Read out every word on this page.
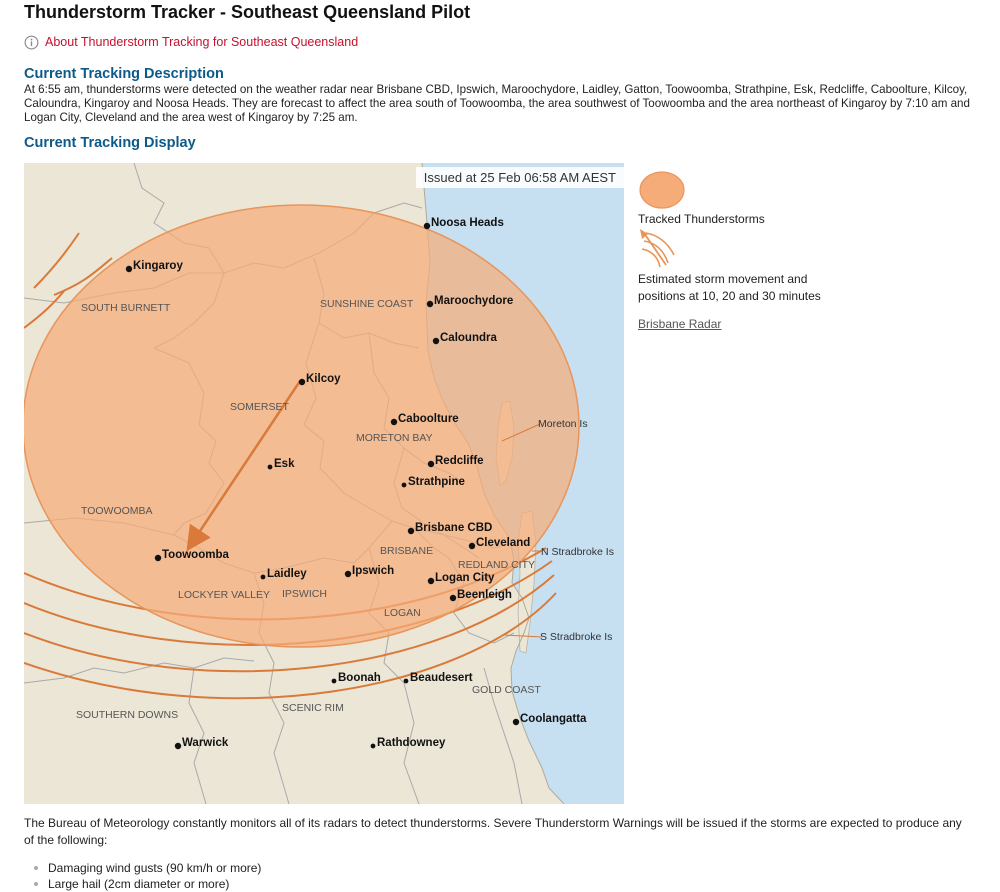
Thunderstorm Tracker - Southeast Queensland Pilot
About Thunderstorm Tracking for Southeast Queensland
Current Tracking Description

At 6:55 am, thunderstorms were detected on the weather radar near Brisbane CBD, Ipswich, Maroochydore, Laidley, Gatton, Toowoomba, Strathpine, Esk, Redcliffe, Caboolture, Kilcoy, Caloundra, Kingaroy and Noosa Heads. They are forecast to affect the area south of Toowoomba, the area southwest of Toowoomba and the area northeast of Kingaroy by 7:10 am and Logan City, Cleveland and the area west of Kingaroy by 7:25 am.

Current Tracking Display
SOUTH BURNETT	SUNSHINE COAST
SOMERSET
MORETON BAY
TOOWOOMBA
BRISBANE
REDLAND CITY
LOCKYER VALLEY IPSWICH
LOGAN
GOLD COAST
SCENIC RIM
SOUTHERN DOWNS
Moreton Is
N Stradbroke Is
S Stradbroke Is
Noosa Heads
Kingaroy
Maroochydore
Caloundra
Kilcoy
Caboolture
Esk	Redcliffe
Strathpine
Brisbane CBD
Cleveland
Toowoomba
Ipswich
Logan City
Laidley
Beenleigh
Boonah	Beaudesert
Coolangatta
Warwick	Rathdowney
Issued at 25 Feb 06:58 AM AEST
Tracked Thunderstorms
Estimated storm movement and
positions at 10, 20 and 30 minutes
Brisbane Radar

The Bureau of Meteorology constantly monitors all of its radars to detect thunderstorms. Severe Thunderstorm Warnings will be issued if the storms are expected to produce any of the following:

Damaging wind gusts (90 km/h or more)
Large hail (2cm diameter or more)
